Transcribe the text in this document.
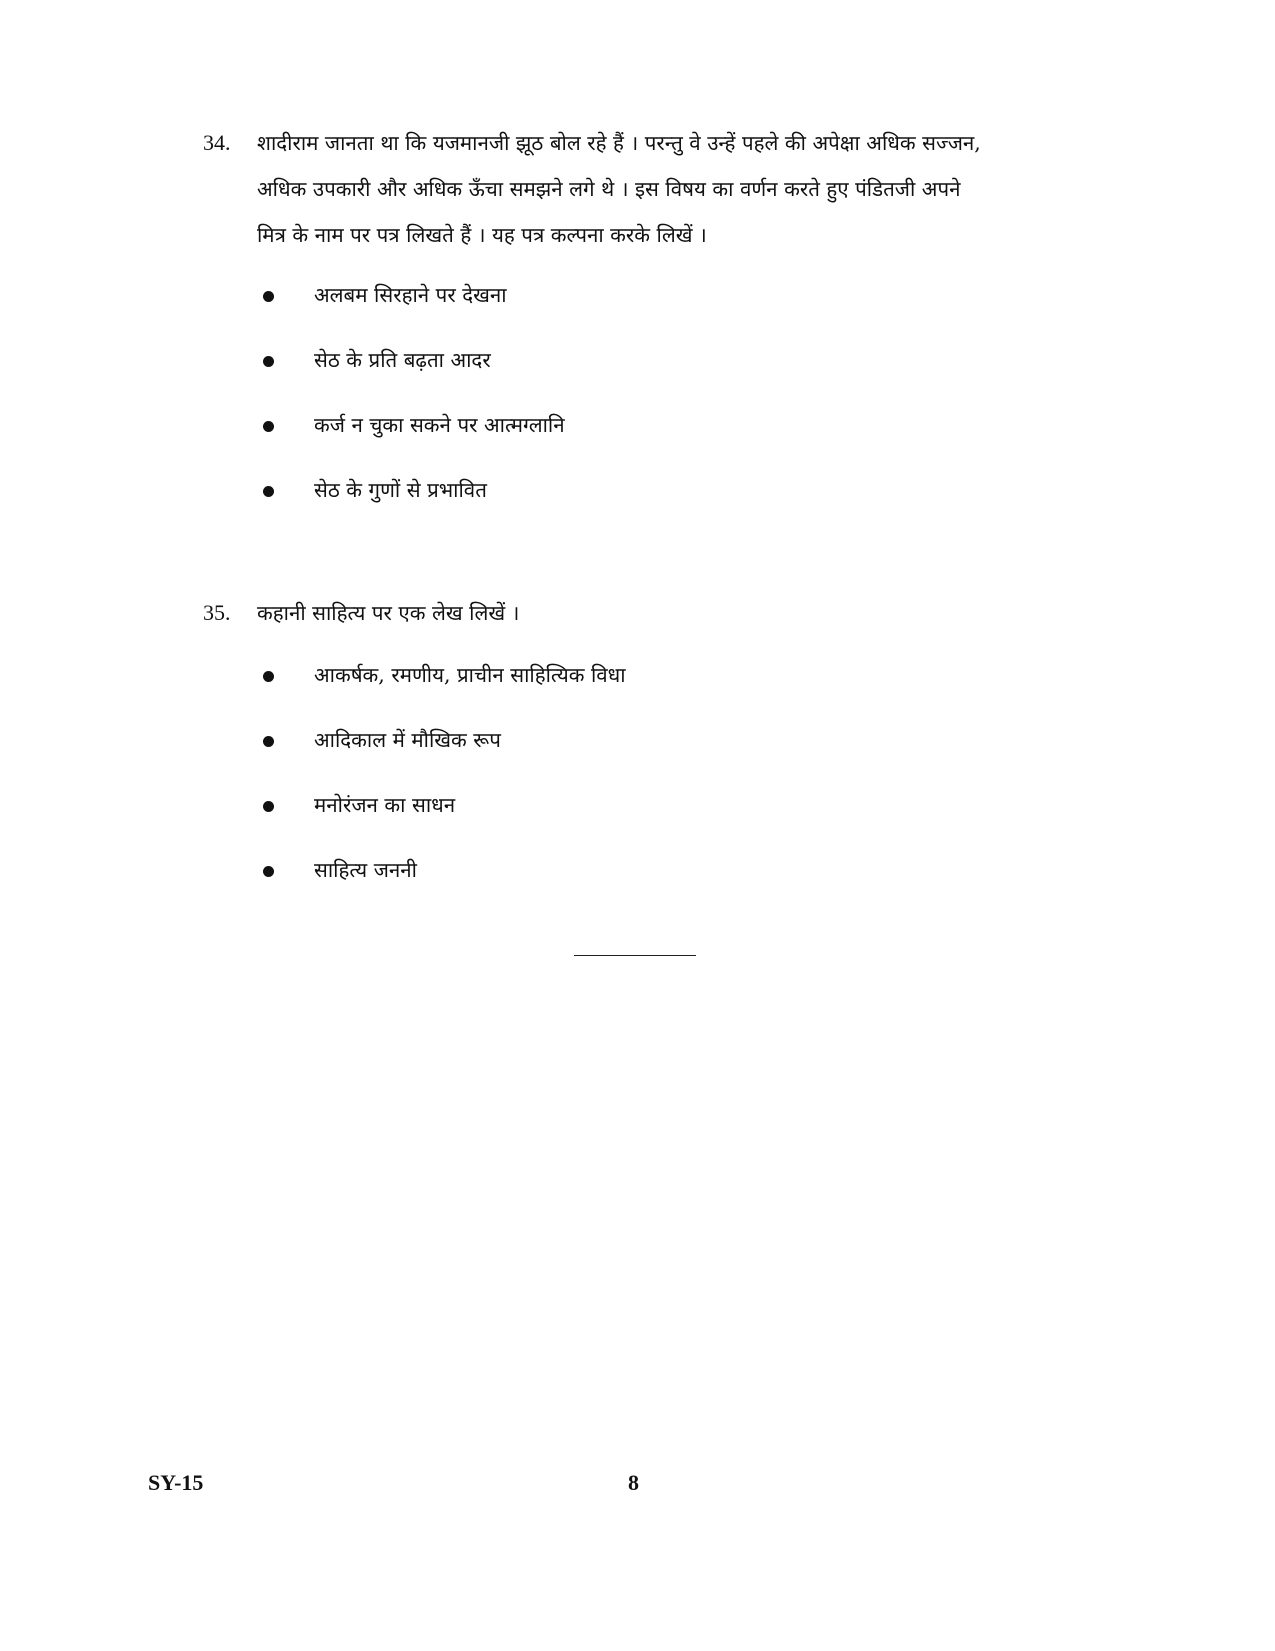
34. शादीराम जानता था कि यजमानजी झूठ बोल रहे हैं । परन्तु वे उन्हें पहले की अपेक्षा अधिक सज्जन,
अधिक उपकारी और अधिक ऊँचा समझने लगे थे । इस विषय का वर्णन करते हुए पंडितजी अपने
मित्र के नाम पर पत्र लिखते हैं । यह पत्र कल्पना करके लिखें ।
अलबम सिरहाने पर देखना
सेठ के प्रति बढ़ता आदर
कर्ज न चुका सकने पर आत्मग्लानि
सेठ के गुणों से प्रभावित
35. कहानी साहित्य पर एक लेख लिखें ।
आकर्षक, रमणीय, प्राचीन साहित्यिक विधा
आदिकाल में मौखिक रूप
मनोरंजन का साधन
साहित्य जननी
SY-15	8
